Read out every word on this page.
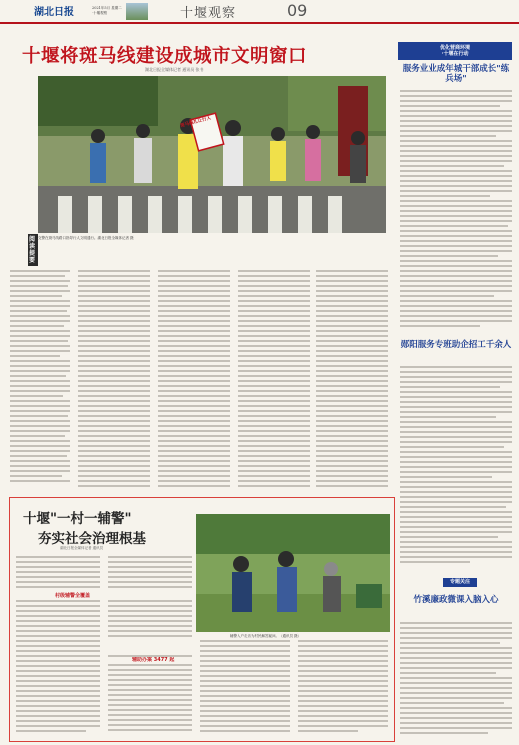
湖北日报	2021年5月 星期二 ·十堰观察	十堰观察	09
十堰将斑马线建设成城市文明窗口
湖北日报全媒体记者 通讯员 张书
斑马线礼让行人
交警在斑马线路口指导行人文明通行。湖北日报全媒体记者 摄
阅读提要
优化营商环境
·十堰在行动
服务业业成年城干部成长"练兵场"
郧阳服务专班助企招工千余人
专题关注
竹溪廉政微课入脑入心
十堰"一村一辅警"
夯实社会治理根基
湖北日报全媒体记者 通讯员
辅警入户走访为村民解答疑问。（通讯员 摄）
村级辅警全覆盖
辅助办案 3477 起
